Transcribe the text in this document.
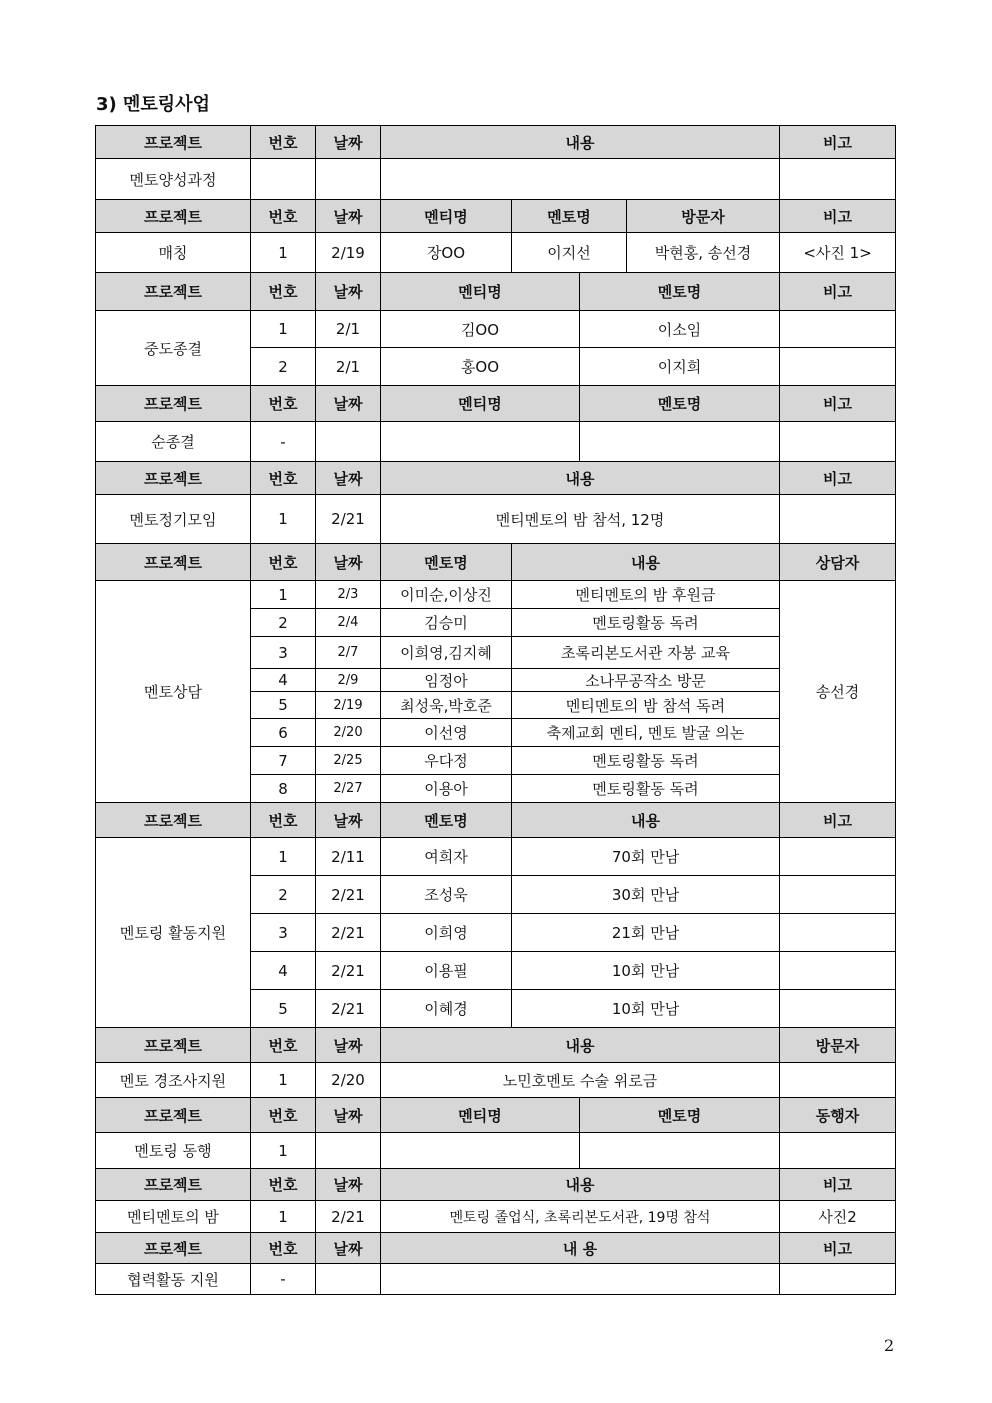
3) 멘토링사업
프로젝트	번호	날짜	내용				비고
멘토양성과정							
프로젝트	번호	날짜	멘티명	멘토명		방문자	비고
매칭	1	2/19	장OO	이지선		박현홍, 송선경	<사진 1>
프로젝트	번호	날짜	멘티명		멘토명		비고
중도종결	1	2/1	김OO		이소임		
	2	2/1	홍OO		이지희		
프로젝트	번호	날짜	멘티명		멘토명		비고
순종결	-						
프로젝트	번호	날짜	내용				비고
멘토정기모임	1	2/21	멘티멘토의 밤 참석, 12명				
프로젝트	번호	날짜	멘토명	내용			상담자
멘토상담	1	2/3	이미순,이상진	멘티멘토의 밤 후원금			송선경
	2	2/4	김승미	멘토링활동 독려			
	3	2/7	이희영,김지혜	초록리본도서관 자봉 교육			
	4	2/9	임정아	소나무공작소 방문			
	5	2/19	최성욱,박호준	멘티멘토의 밤 참석 독려			
	6	2/20	이선영	축제교회 멘티, 멘토 발굴 의논			
	7	2/25	우다정	멘토링활동 독려			
	8	2/27	이용아	멘토링활동 독려			
프로젝트	번호	날짜	멘토명	내용			비고
멘토링 활동지원	1	2/11	여희자	70회 만남			
	2	2/21	조성욱	30회 만남			
	3	2/21	이희영	21회 만남			
	4	2/21	이용필	10회 만남			
	5	2/21	이혜경	10회 만남			
프로젝트	번호	날짜	내용				방문자
멘토 경조사지원	1	2/20	노민호멘토 수술 위로금				
프로젝트	번호	날짜	멘티명		멘토명		동행자
멘토링 동행	1						
프로젝트	번호	날짜	내용				비고
멘티멘토의 밤	1	2/21	멘토링 졸업식, 초록리본도서관, 19명 참석				사진2
프로젝트	번호	날짜	내 용				비고
협력활동 지원	-						
2
